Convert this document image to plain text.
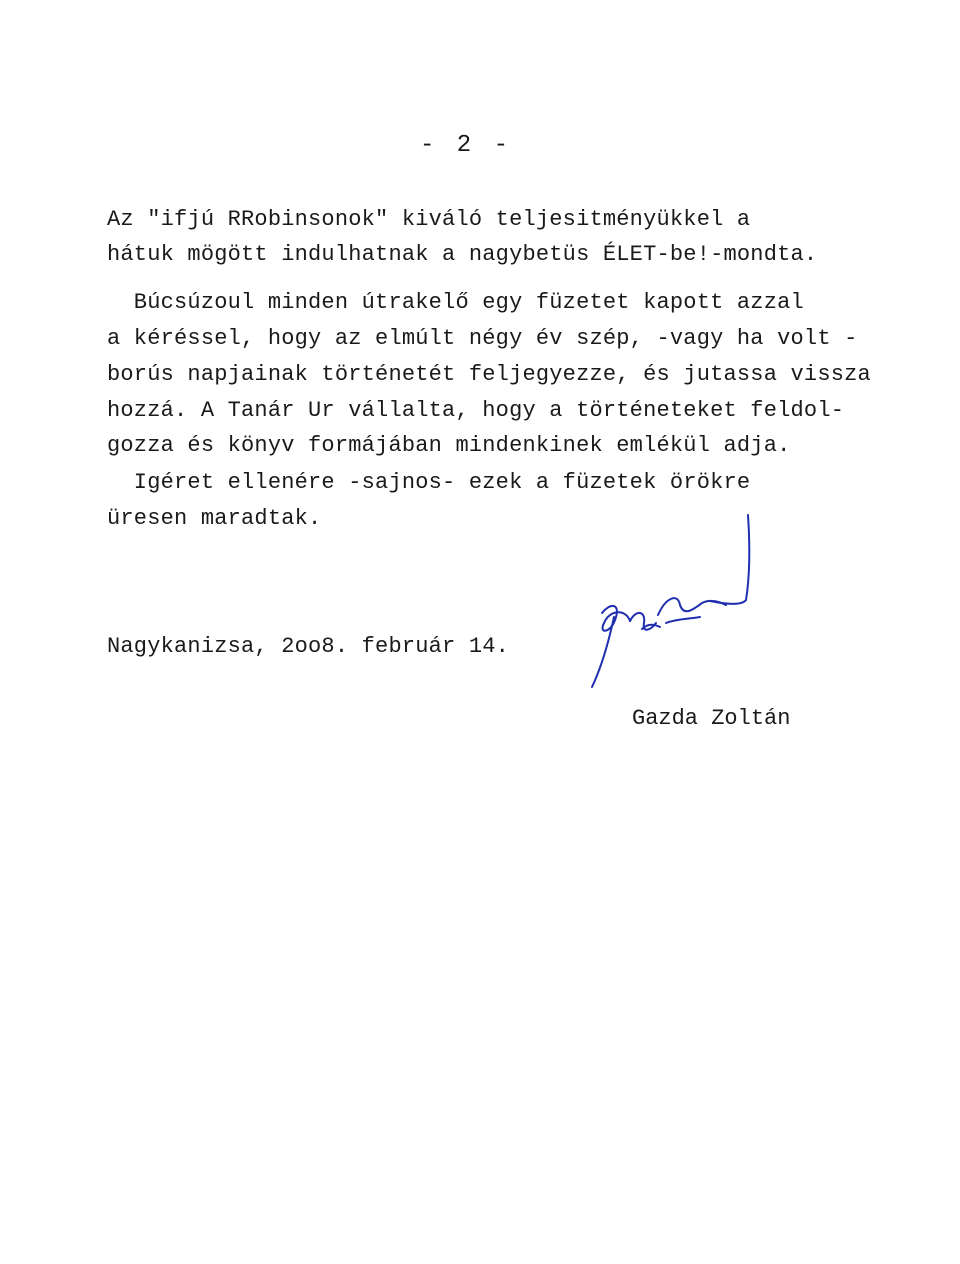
- 2 -
Az "ifjú RRobinsonok" kiváló teljesitményükkel a
hátuk mögött indulhatnak a nagybetüs ÉLET-be!-mondta.
Búcsúzoul minden útrakelő egy füzetet kapott azzal
a kéréssel, hogy az elmúlt négy év szép, -vagy ha volt -
borús napjainak történetét feljegyezze, és jutassa vissza
hozzá. A Tanár Ur vállalta, hogy a történeteket feldol-
gozza és könyv formájában mindenkinek emlékül adja.
Igéret ellenére -sajnos- ezek a füzetek örökre
üresen maradtak.
Nagykanizsa, 2oo8. február 14.
Gazda Zoltán
